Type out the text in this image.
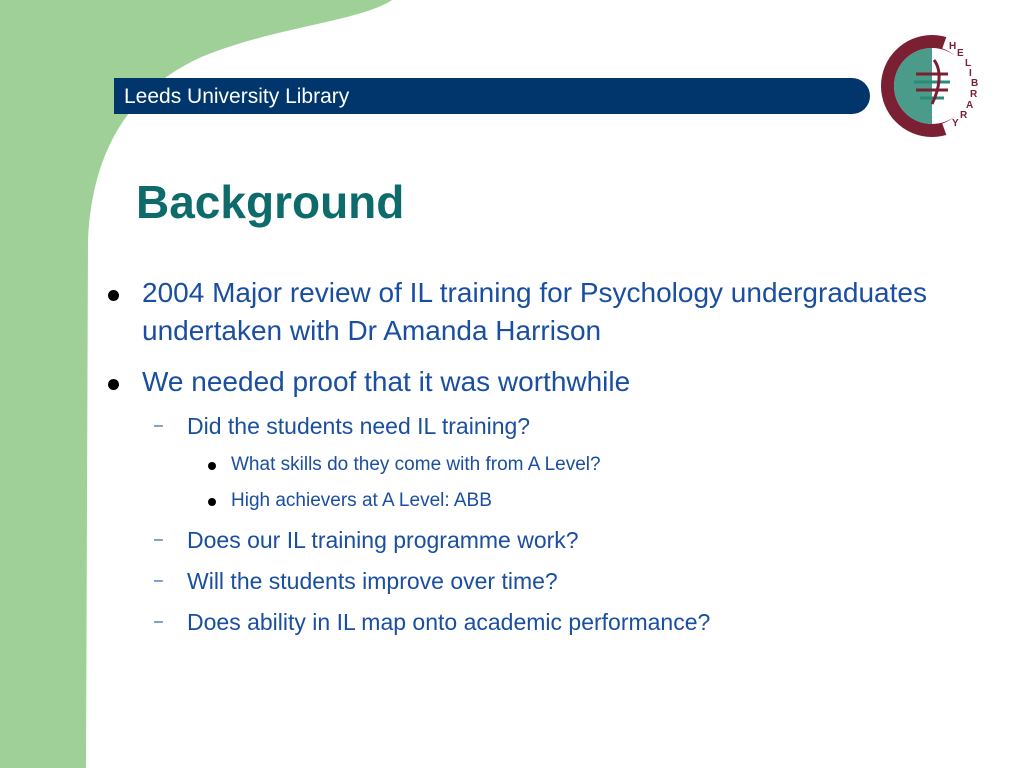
Leeds University Library
T H E L I B R A R Y
Background
2004 Major review of IL training for Psychology undergraduates undertaken with Dr Amanda Harrison
We needed proof that it was worthwhile
– Did the students need IL training?
What skills do they come with from A Level?
High achievers at A Level: ABB
– Does our IL training programme work?
– Will the students improve over time?
– Does ability in IL map onto academic performance?
